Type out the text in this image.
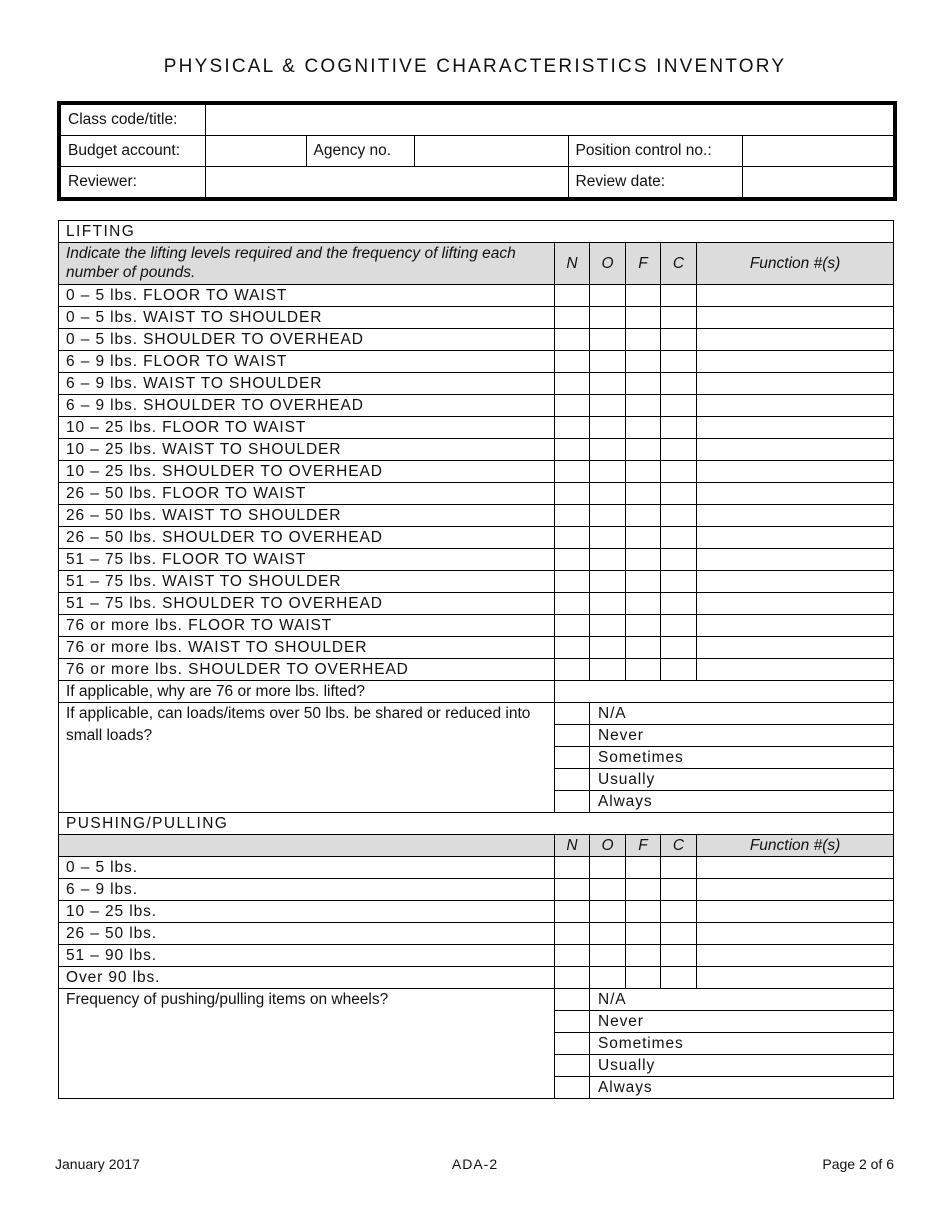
PHYSICAL & COGNITIVE CHARACTERISTICS INVENTORY
Class code/title:					
Budget account:		Agency no.		Position control no.:	
Reviewer:				Review date:	
LIFTING					
Indicate the lifting levels required and the frequency of lifting each number of pounds.	N	O	F	C	Function #(s)
0 – 5 lbs. FLOOR TO WAIST					
0 – 5 lbs. WAIST TO SHOULDER					
0 – 5 lbs. SHOULDER TO OVERHEAD					
6 – 9 lbs. FLOOR TO WAIST					
6 – 9 lbs. WAIST TO SHOULDER					
6 – 9 lbs. SHOULDER TO OVERHEAD					
10 – 25 lbs. FLOOR TO WAIST					
10 – 25 lbs. WAIST TO SHOULDER					
10 – 25 lbs. SHOULDER TO OVERHEAD					
26 – 50 lbs. FLOOR TO WAIST					
26 – 50 lbs. WAIST TO SHOULDER					
26 – 50 lbs. SHOULDER TO OVERHEAD					
51 – 75 lbs. FLOOR TO WAIST					
51 – 75 lbs. WAIST TO SHOULDER					
51 – 75 lbs. SHOULDER TO OVERHEAD					
76 or more lbs. FLOOR TO WAIST					
76 or more lbs. WAIST TO SHOULDER					
76 or more lbs. SHOULDER TO OVERHEAD					
If applicable, why are 76 or more lbs. lifted?					
If applicable, can loads/items over 50 lbs. be shared or reduced into small loads?		N/A			
		Never			
		Sometimes			
		Usually			
		Always			
PUSHING/PULLING					
	N	O	F	C	Function #(s)
0 – 5 lbs.					
6 – 9 lbs.					
10 – 25 lbs.					
26 – 50 lbs.					
51 – 90 lbs.					
Over 90 lbs.					
Frequency of pushing/pulling items on wheels?		N/A			
		Never			
		Sometimes			
		Usually			
		Always			
January 2017	ADA-2	Page 2 of 6
